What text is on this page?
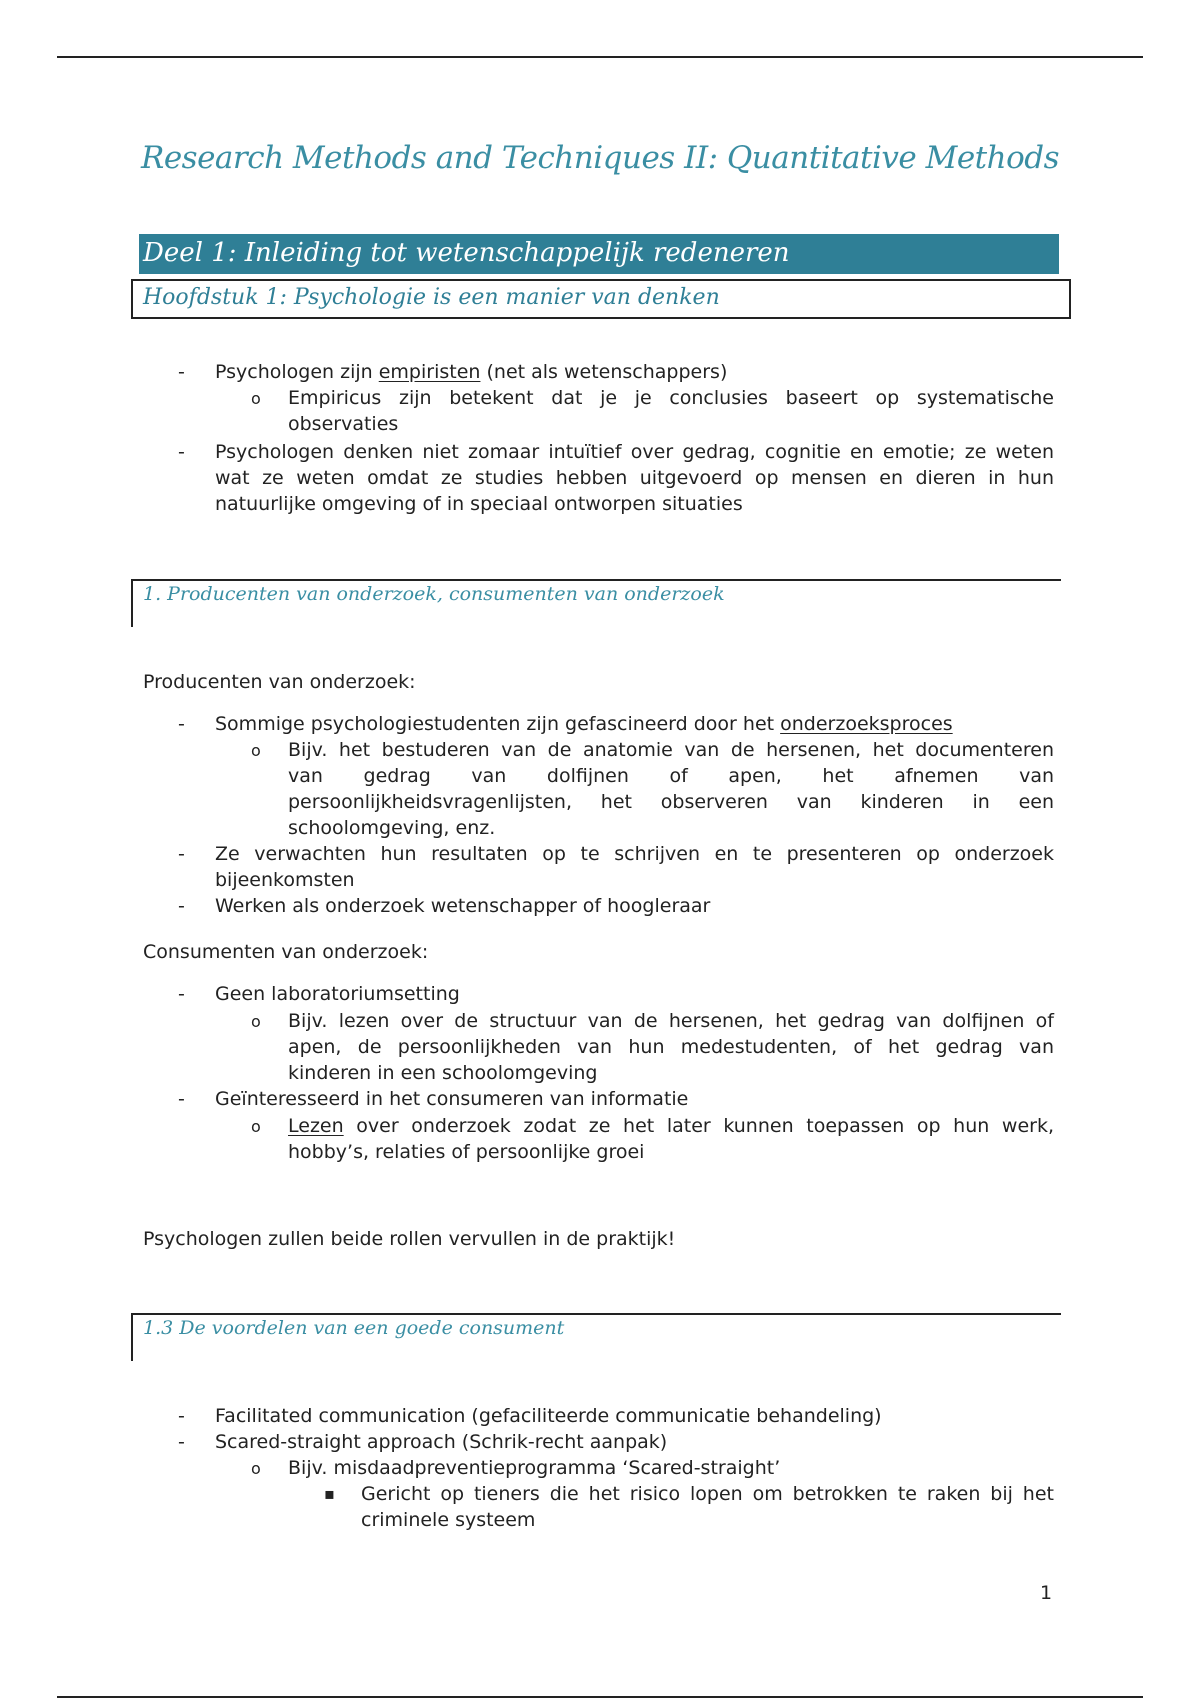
Research Methods and Techniques II: Quantitative Methods
Deel 1: Inleiding tot wetenschappelijk redeneren
Hoofdstuk 1: Psychologie is een manier van denken
- Psychologen zijn empiristen (net als wetenschappers)
o Empiricus zijn betekent dat je je conclusies baseert op systematische
observaties
- Psychologen denken niet zomaar intuïtief over gedrag, cognitie en emotie; ze weten
wat ze weten omdat ze studies hebben uitgevoerd op mensen en dieren in hun
natuurlijke omgeving of in speciaal ontworpen situaties
1. Producenten van onderzoek, consumenten van onderzoek
Producenten van onderzoek:
- Sommige psychologiestudenten zijn gefascineerd door het onderzoeksproces
o Bijv. het bestuderen van de anatomie van de hersenen, het documenteren
van gedrag van dolfijnen of apen, het afnemen van
persoonlijkheidsvragenlijsten, het observeren van kinderen in een
schoolomgeving, enz.
- Ze verwachten hun resultaten op te schrijven en te presenteren op onderzoek
bijeenkomsten
- Werken als onderzoek wetenschapper of hoogleraar
Consumenten van onderzoek:
- Geen laboratoriumsetting
o Bijv. lezen over de structuur van de hersenen, het gedrag van dolfijnen of
apen, de persoonlijkheden van hun medestudenten, of het gedrag van
kinderen in een schoolomgeving
- Geïnteresseerd in het consumeren van informatie
o Lezen over onderzoek zodat ze het later kunnen toepassen op hun werk,
hobby’s, relaties of persoonlijke groei
Psychologen zullen beide rollen vervullen in de praktijk!
1.3 De voordelen van een goede consument
- Facilitated communication (gefaciliteerde communicatie behandeling)
- Scared-straight approach (Schrik-recht aanpak)
o Bijv. misdaadpreventieprogramma ‘Scared-straight’
▪ Gericht op tieners die het risico lopen om betrokken te raken bij het
criminele systeem
1
